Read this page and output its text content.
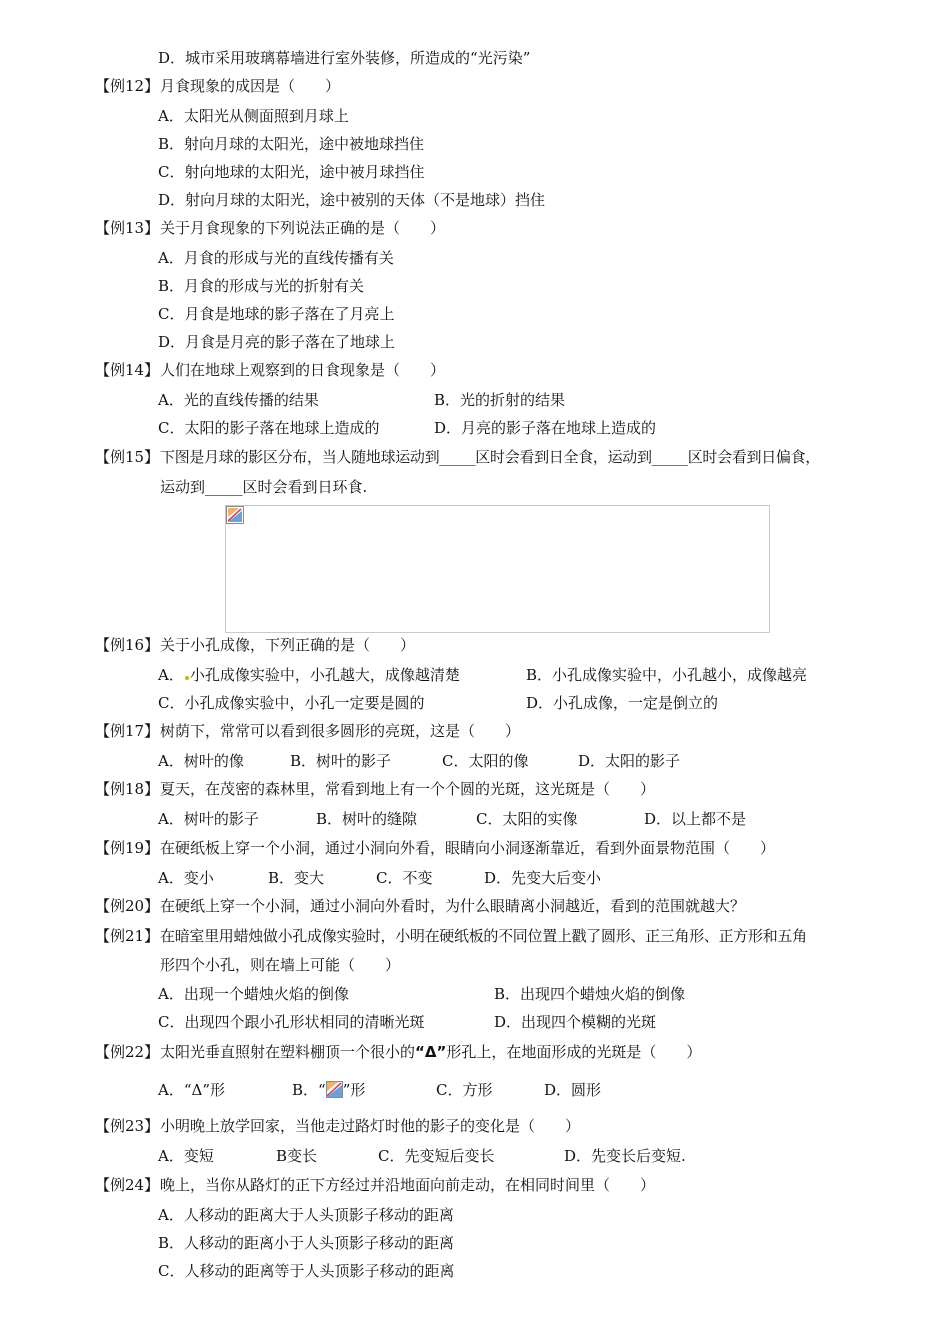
D．城市采用玻璃幕墙进行室外装修，所造成的“光污染”
【例12】 月食现象的成因是（　　）
A．太阳光从侧面照到月球上
B．射向月球的太阳光，途中被地球挡住
C．射向地球的太阳光，途中被月球挡住
D．射向月球的太阳光，途中被别的天体（不是地球）挡住
【例13】 关于月食现象的下列说法正确的是（　　）
A．月食的形成与光的直线传播有关
B．月食的形成与光的折射有关
C．月食是地球的影子落在了月亮上
D．月食是月亮的影子落在了地球上
【例14】 人们在地球上观察到的日食现象是（　　）
A．光的直线传播的结果	B．光的折射的结果
C．太阳的影子落在地球上造成的	D．月亮的影子落在地球上造成的
【例15】 下图是月球的影区分布，当人随地球运动到_____区时会看到日全食，运动到_____区时会看到日偏食，
运动到_____区时会看到日环食.
【例16】 关于小孔成像，下列正确的是（　　）
A． 小孔成像实验中，小孔越大，成像越清楚	B．小孔成像实验中，小孔越小，成像越亮
C．小孔成像实验中，小孔一定要是圆的	D．小孔成像，一定是倒立的
【例17】 树荫下，常常可以看到很多圆形的亮斑，这是（　　）
A．树叶的像	B．树叶的影子	C．太阳的像	D．太阳的影子
【例18】 夏天，在茂密的森林里，常看到地上有一个个圆的光斑，这光斑是（　　）
A．树叶的影子	B．树叶的缝隙	C．太阳的实像	D．以上都不是
【例19】 在硬纸板上穿一个小洞，通过小洞向外看，眼睛向小洞逐渐靠近，看到外面景物范围（　　）
A．变小	B．变大	C．不变	D．先变大后变小
【例20】 在硬纸上穿一个小洞，通过小洞向外看时，为什么眼睛离小洞越近，看到的范围就越大？
【例21】 在暗室里用蜡烛做小孔成像实验时，小明在硬纸板的不同位置上戳了圆形、正三角形、正方形和五角
形四个小孔，则在墙上可能（　　）
A．出现一个蜡烛火焰的倒像	B．出现四个蜡烛火焰的倒像
C．出现四个跟小孔形状相同的清晰光斑	D．出现四个模糊的光斑
【例22】 太阳光垂直照射在塑料棚顶一个很小的“Δ”形孔上，在地面形成的光斑是（　　）
A．“Δ”形	B．“ ”形	C．方形	D．圆形
【例23】 小明晚上放学回家，当他走过路灯时他的影子的变化是（　　）
A．变短	B变长	C．先变短后变长	D．先变长后变短.
【例24】 晚上，当你从路灯的正下方经过并沿地面向前走动，在相同时间里（　　）
A．人移动的距离大于人头顶影子移动的距离
B．人移动的距离小于人头顶影子移动的距离
C．人移动的距离等于人头顶影子移动的距离
